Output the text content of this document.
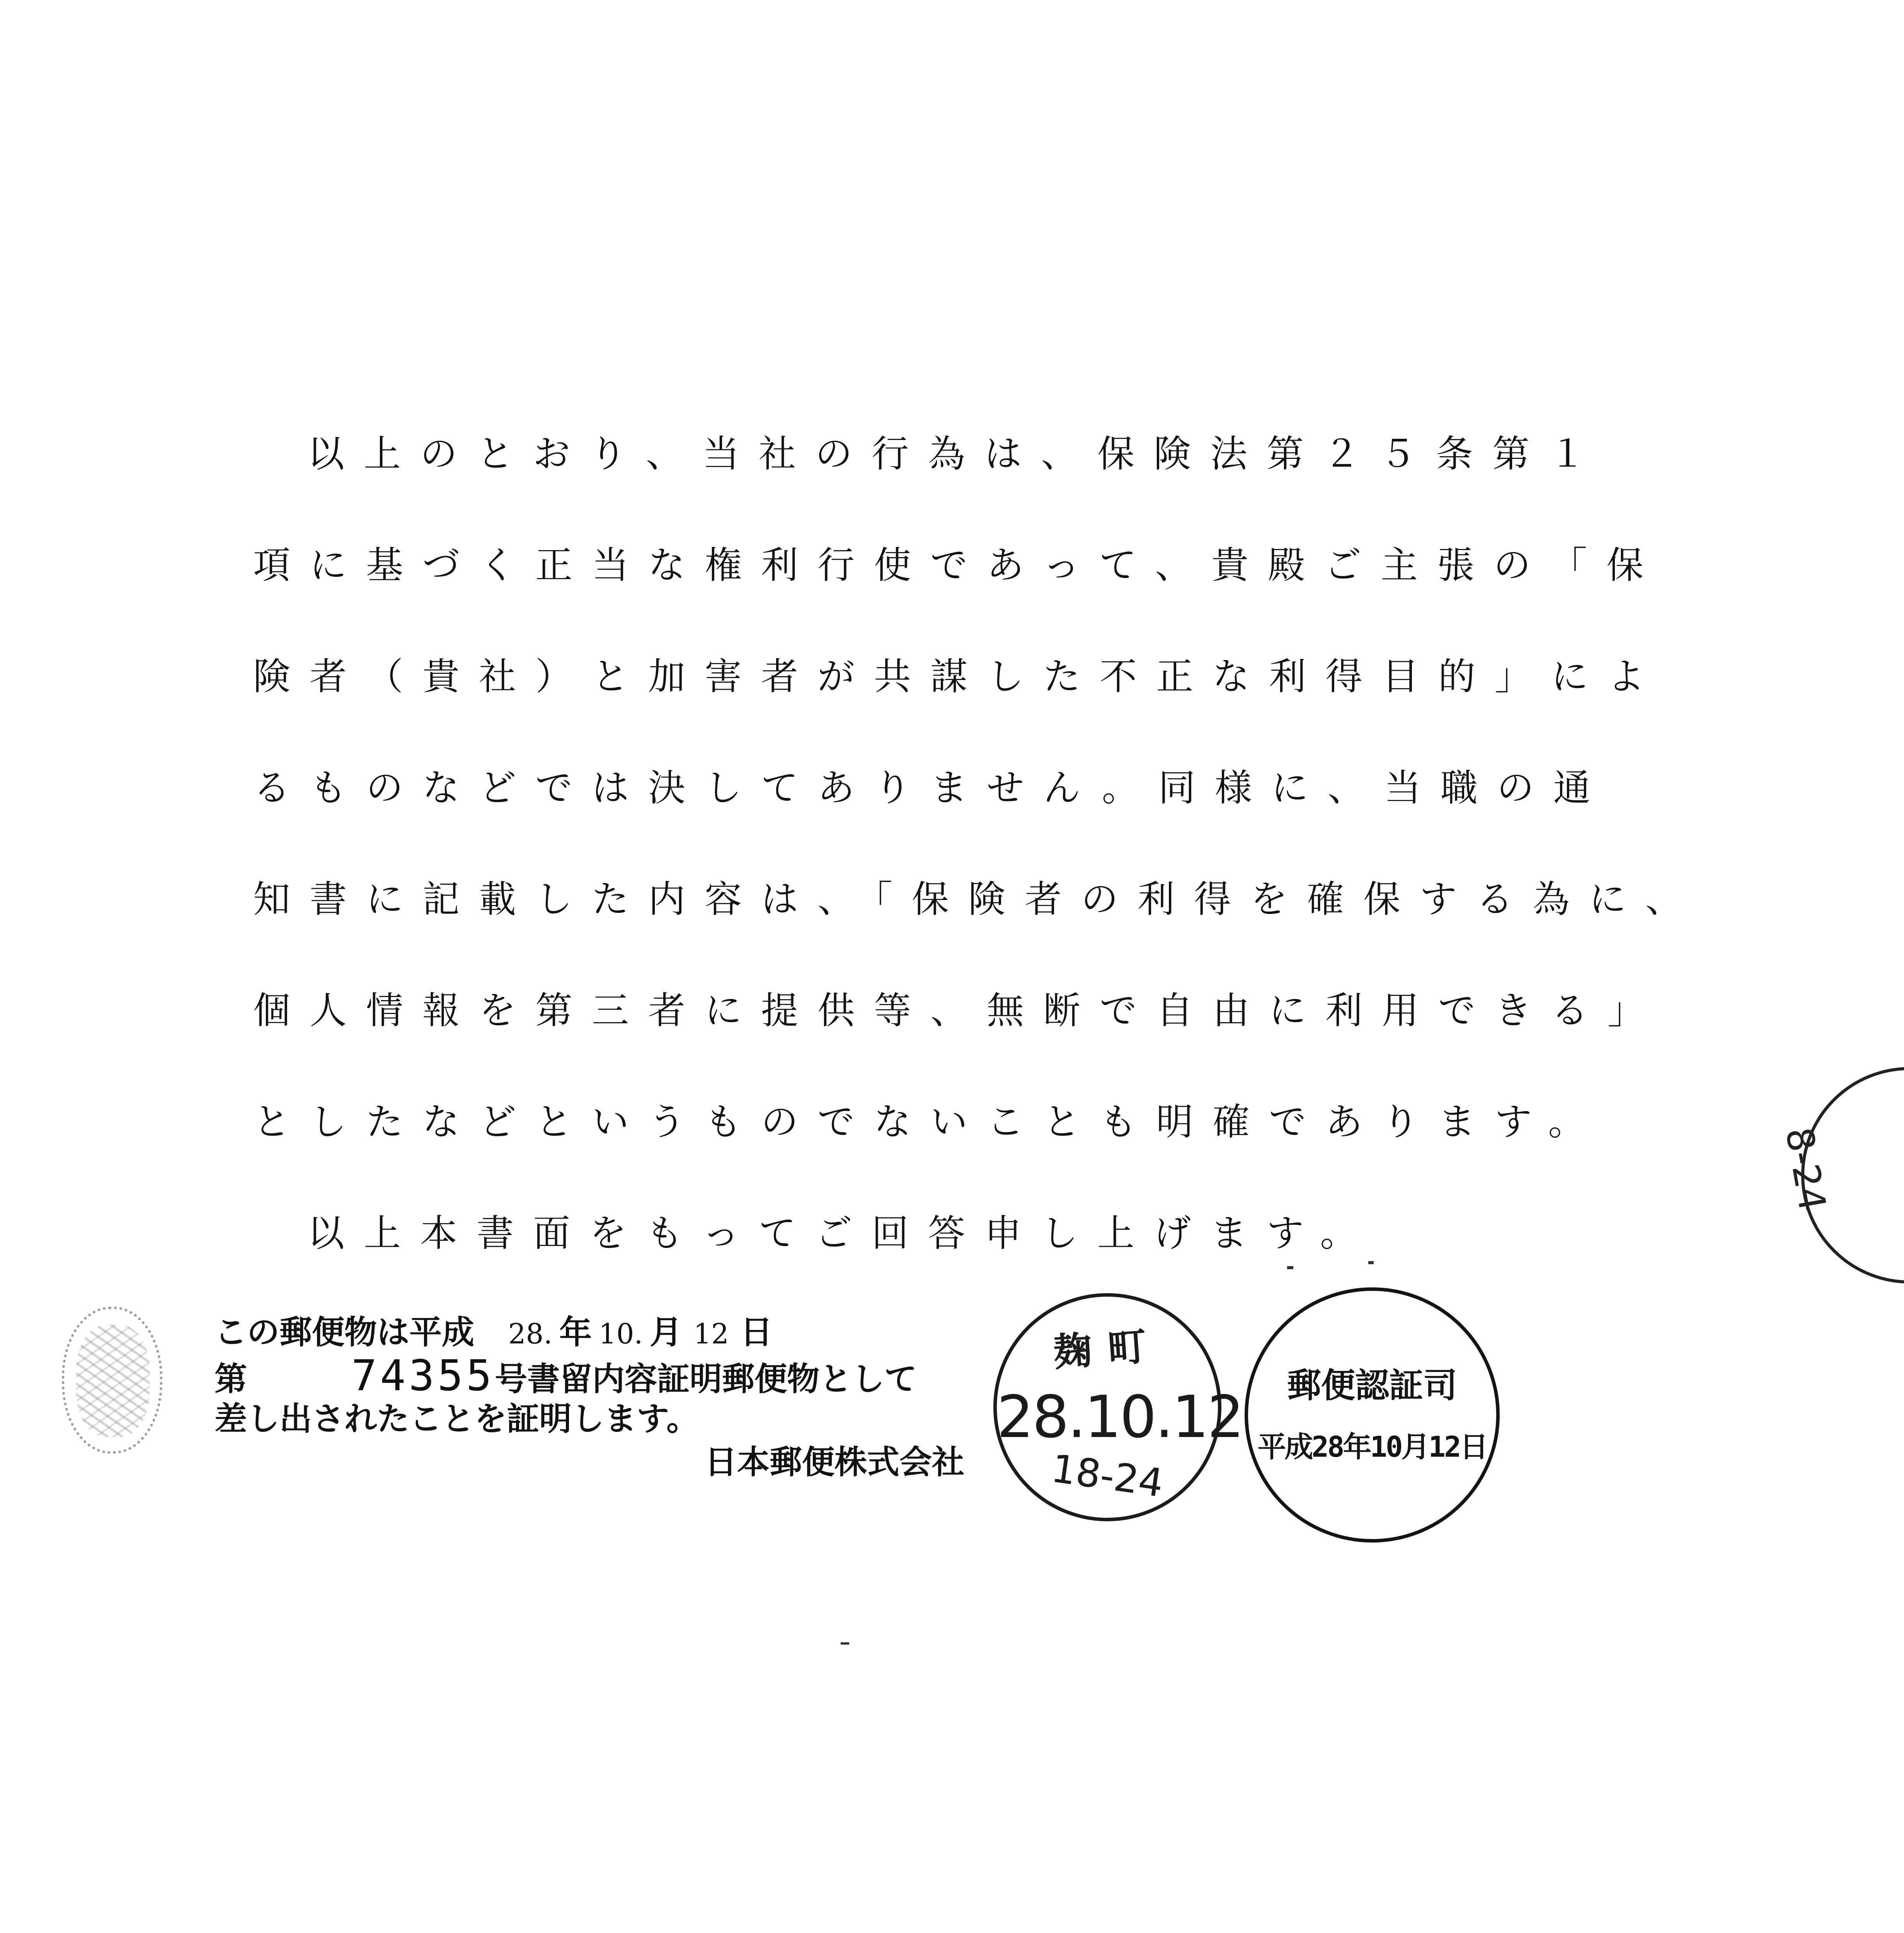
以上のとおり、当社の行為は、保険法第２５条第１
項に基づく正当な権利行使であって、貴殿ご主張の「保
険者（貴社）と加害者が共謀した不正な利得目的」によ
るものなどでは決してありません。同様に、当職の通
知書に記載した内容は、「保険者の利得を確保する為に、
個人情報を第三者に提供等、無断で自由に利用できる」
としたなどというものでないことも明確であります。
以上本書面をもってご回答申し上げます。
この郵便物は平成 28. 年 10. 月 12 日
第 74355号書留内容証明郵便物として
差し出されたことを証明します。
日本郵便株式会社
麹町
28.10.12
18-24
郵便認証司
平成28年10月12日
8-24
